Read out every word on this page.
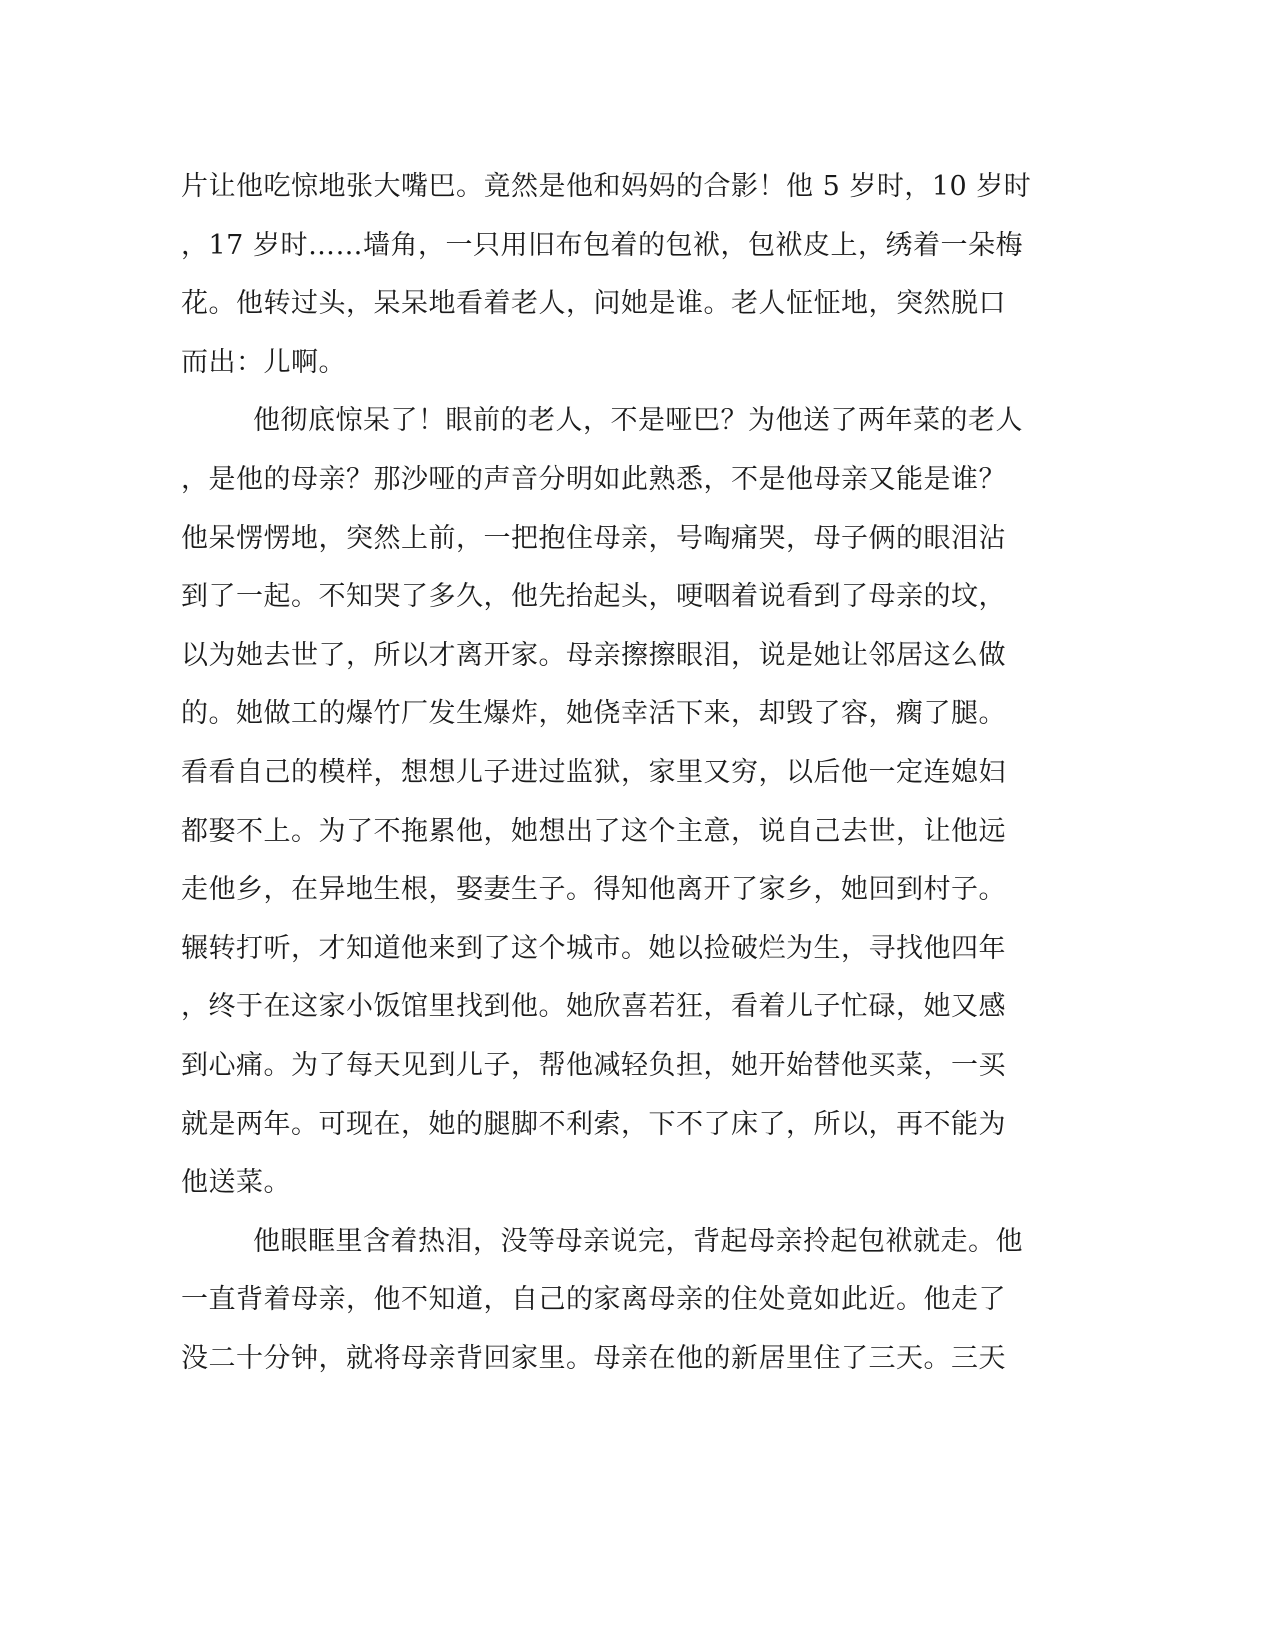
片让他吃惊地张大嘴巴。竟然是他和妈妈的合影！他 5 岁时，10 岁时
，17 岁时……墙角，一只用旧布包着的包袱，包袱皮上，绣着一朵梅
花。他转过头，呆呆地看着老人，问她是谁。老人怔怔地，突然脱口
而出：儿啊。
他彻底惊呆了！眼前的老人，不是哑巴？为他送了两年菜的老人
，是他的母亲？那沙哑的声音分明如此熟悉，不是他母亲又能是谁？
他呆愣愣地，突然上前，一把抱住母亲，号啕痛哭，母子俩的眼泪沾
到了一起。不知哭了多久，他先抬起头，哽咽着说看到了母亲的坟，
以为她去世了，所以才离开家。母亲擦擦眼泪，说是她让邻居这么做
的。她做工的爆竹厂发生爆炸，她侥幸活下来，却毁了容，瘸了腿。
看看自己的模样，想想儿子进过监狱，家里又穷，以后他一定连媳妇
都娶不上。为了不拖累他，她想出了这个主意，说自己去世，让他远
走他乡，在异地生根，娶妻生子。得知他离开了家乡，她回到村子。
辗转打听，才知道他来到了这个城市。她以捡破烂为生，寻找他四年
，终于在这家小饭馆里找到他。她欣喜若狂，看着儿子忙碌，她又感
到心痛。为了每天见到儿子，帮他减轻负担，她开始替他买菜，一买
就是两年。可现在，她的腿脚不利索，下不了床了，所以，再不能为
他送菜。
他眼眶里含着热泪，没等母亲说完，背起母亲拎起包袱就走。他
一直背着母亲，他不知道，自己的家离母亲的住处竟如此近。他走了
没二十分钟，就将母亲背回家里。母亲在他的新居里住了三天。三天
